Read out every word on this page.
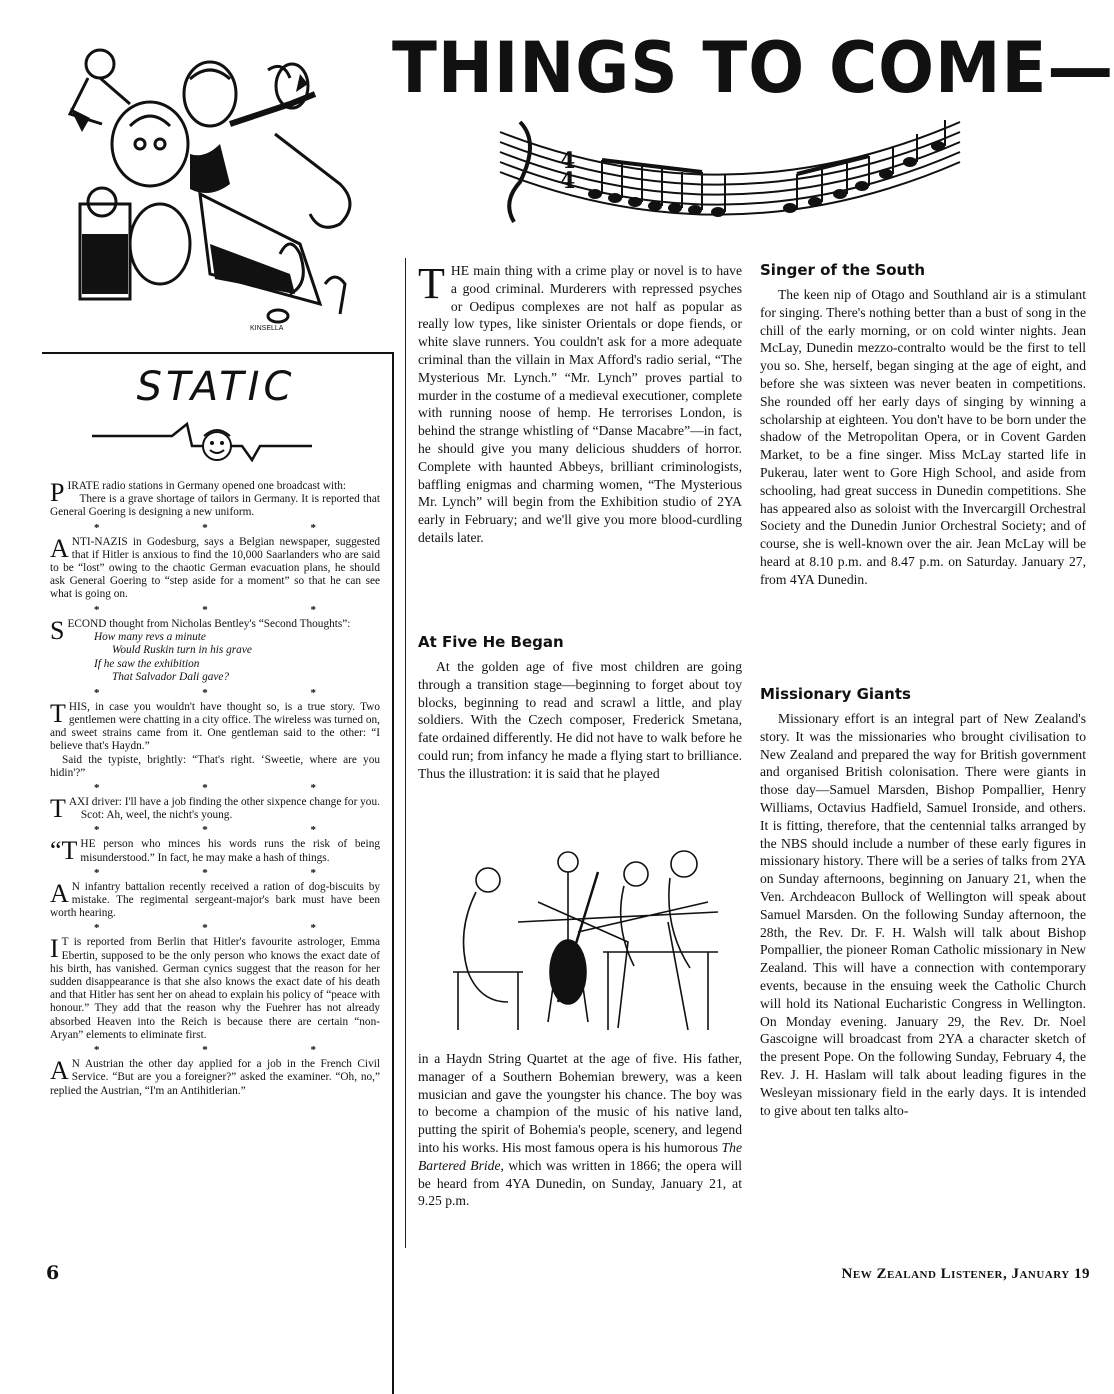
THINGS TO COME—
KINSELLA
4
4
STATIC

PIRATE radio stations in Germany opened one broadcast with:

There is a grave shortage of tailors in Germany. It is reported that General Goering is designing a new uniform.

* * *

ANTI-NAZIS in Godesburg, says a Belgian newspaper, suggested that if Hitler is anxious to find the 10,000 Saarlanders who are said to be “lost” owing to the chaotic German evacuation plans, he should ask General Goering to “step aside for a moment” so that he can see what is going on.

* * *

SECOND thought from Nicholas Bentley's “Second Thoughts”:

How many revs a minute

Would Ruskin turn in his grave

If he saw the exhibition

That Salvador Dali gave?

* * *

THIS, in case you wouldn't have thought so, is a true story. Two gentlemen were chatting in a city office. The wireless was turned on, and sweet strains came from it. One gentleman said to the other: “I believe that's Haydn.”

Said the typiste, brightly: “That's right. ‘Sweetie, where are you hidin'?”

* * *

TAXI driver: I'll have a job finding the other sixpence change for you.

Scot: Ah, weel, the nicht's young.

* * *

“THE person who minces his words runs the risk of being misunderstood.” In fact, he may make a hash of things.

* * *

A N infantry battalion recently received a ration of dog-biscuits by mistake. The regimental sergeant-major's bark must have been worth hearing.

* * *

I T is reported from Berlin that Hitler's favourite astrologer, Emma Ebertin, supposed to be the only person who knows the exact date of his birth, has vanished. German cynics suggest that the reason for her sudden disappearance is that she also knows the exact date of his death and that Hitler has sent her on ahead to explain his policy of “peace with honour.” They add that the reason why the Fuehrer has not already absorbed Heaven into the Reich is because there are certain “non-Aryan” elements to eliminate first.

* * *

A N Austrian the other day applied for a job in the French Civil Service. “But are you a foreigner?” asked the examiner. “Oh, no,” replied the Austrian, “I'm an Antihitlerian.”

THE main thing with a crime play or novel is to have a good criminal. Murderers with repressed psyches or Oedipus complexes are not half as popular as really low types, like sinister Orientals or dope fiends, or white slave runners. You couldn't ask for a more adequate criminal than the villain in Max Afford's radio serial, “The Mysterious Mr. Lynch.” “Mr. Lynch” proves partial to murder in the costume of a medieval executioner, complete with running noose of hemp. He terrorises London, is behind the strange whistling of “Danse Macabre”—in fact, he should give you many delicious shudders of horror. Complete with haunted Abbeys, brilliant criminologists, baffling enigmas and charming women, “The Mysterious Mr. Lynch” will begin from the Exhibition studio of 2YA early in February; and we'll give you more blood-curdling details later.
At Five He Began

At the golden age of five most children are going through a transition stage—beginning to forget about toy blocks, beginning to read and scrawl a little, and play soldiers. With the Czech composer, Frederick Smetana, fate ordained differently. He did not have to walk before he could run; from infancy he made a flying start to brilliance. Thus the illustration: it is said that he played

in a Haydn String Quartet at the age of five. His father, manager of a Southern Bohemian brewery, was a keen musician and gave the youngster his chance. The boy was to become a champion of the music of his native land, putting the spirit of Bohemia's people, scenery, and legend into his works. His most famous opera is his humorous The Bartered Bride, which was written in 1866; the opera will be heard from 4YA Dunedin, on Sunday, January 21, at 9.25 p.m.

Singer of the South

The keen nip of Otago and Southland air is a stimulant for singing. There's nothing better than a bust of song in the chill of the early morning, or on cold winter nights. Jean McLay, Dunedin mezzo-contralto would be the first to tell you so. She, herself, began singing at the age of eight, and before she was sixteen was never beaten in competitions. She rounded off her early days of singing by winning a scholarship at eighteen. You don't have to be born under the shadow of the Metropolitan Opera, or in Covent Garden Market, to be a fine singer. Miss McLay started life in Pukerau, later went to Gore High School, and aside from schooling, had great success in Dunedin competitions. She has appeared also as soloist with the Invercargill Orchestral Society and the Dunedin Junior Orchestral Society; and of course, she is well-known over the air. Jean McLay will be heard at 8.10 p.m. and 8.47 p.m. on Saturday. January 27, from 4YA Dunedin.

Missionary Giants

Missionary effort is an integral part of New Zealand's story. It was the missionaries who brought civilisation to New Zealand and prepared the way for British government and organised British colonisation. There were giants in those day—Samuel Marsden, Bishop Pompallier, Henry Williams, Octavius Hadfield, Samuel Ironside, and others. It is fitting, therefore, that the centennial talks arranged by the NBS should include a number of these early figures in missionary history. There will be a series of talks from 2YA on Sunday afternoons, beginning on January 21, when the Ven. Archdeacon Bullock of Wellington will speak about Samuel Marsden. On the following Sunday afternoon, the 28th, the Rev. Dr. F. H. Walsh will talk about Bishop Pompallier, the pioneer Roman Catholic missionary in New Zealand. This will have a connection with contemporary events, because in the ensuing week the Catholic Church will hold its National Eucharistic Congress in Wellington. On Monday evening. January 29, the Rev. Dr. Noel Gascoigne will broadcast from 2YA a character sketch of the present Pope. On the following Sunday, February 4, the Rev. J. H. Haslam will talk about leading figures in the Wesleyan missionary field in the early days. It is intended to give about ten talks alto-

6	New Zealand Listener, January 19
